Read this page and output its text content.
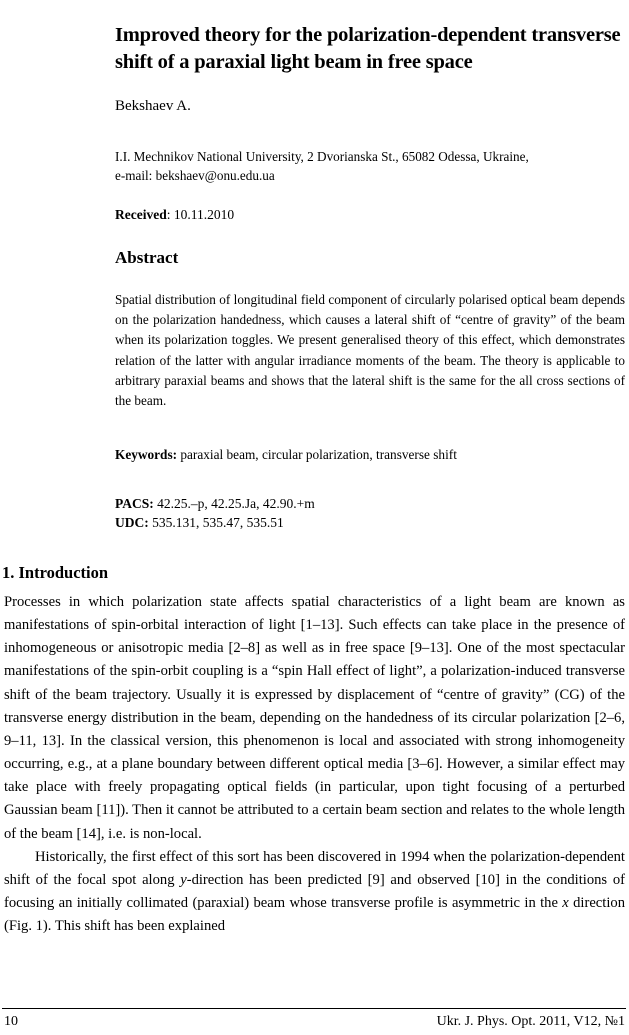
Improved theory for the polarization-dependent transverse shift of a paraxial light beam in free space
Bekshaev A.
I.I. Mechnikov National University, 2 Dvorianska St., 65082 Odessa, Ukraine,
e-mail: bekshaev@onu.edu.ua
Received: 10.11.2010
Abstract
Spatial distribution of longitudinal field component of circularly polarised optical beam depends on the polarization handedness, which causes a lateral shift of “centre of gravity” of the beam when its polarization toggles. We present generalised theory of this effect, which demonstrates relation of the latter with angular irradiance moments of the beam. The theory is applicable to arbitrary paraxial beams and shows that the lateral shift is the same for the all cross sections of the beam.
Keywords: paraxial beam, circular polarization, transverse shift
PACS: 42.25.–p, 42.25.Ja, 42.90.+m
UDC: 535.131, 535.47, 535.51
1. Introduction

Processes in which polarization state affects spatial characteristics of a light beam are known as manifestations of spin-orbital interaction of light [1–13]. Such effects can take place in the presence of inhomogeneous or anisotropic media [2–8] as well as in free space [9–13]. One of the most spectacular manifestations of the spin-orbit coupling is a “spin Hall effect of light”, a polarization-induced transverse shift of the beam trajectory. Usually it is expressed by displacement of “centre of gravity” (CG) of the transverse energy distribution in the beam, depending on the handedness of its circular polarization [2–6, 9–11, 13]. In the classical version, this phenomenon is local and associated with strong inhomogeneity occurring, e.g., at a plane boundary between different optical media [3–6]. However, a similar effect may take place with freely propagating optical fields (in particular, upon tight focusing of a perturbed Gaussian beam [11]). Then it cannot be attributed to a certain beam section and relates to the whole length of the beam [14], i.e. is non-local.

Historically, the first effect of this sort has been discovered in 1994 when the polarization-dependent shift of the focal spot along y-direction has been predicted [9] and observed [10] in the conditions of focusing an initially collimated (paraxial) beam whose transverse profile is asymmetric in the x direction (Fig. 1). This shift has been explained

10	Ukr. J. Phys. Opt. 2011, V12, №1
